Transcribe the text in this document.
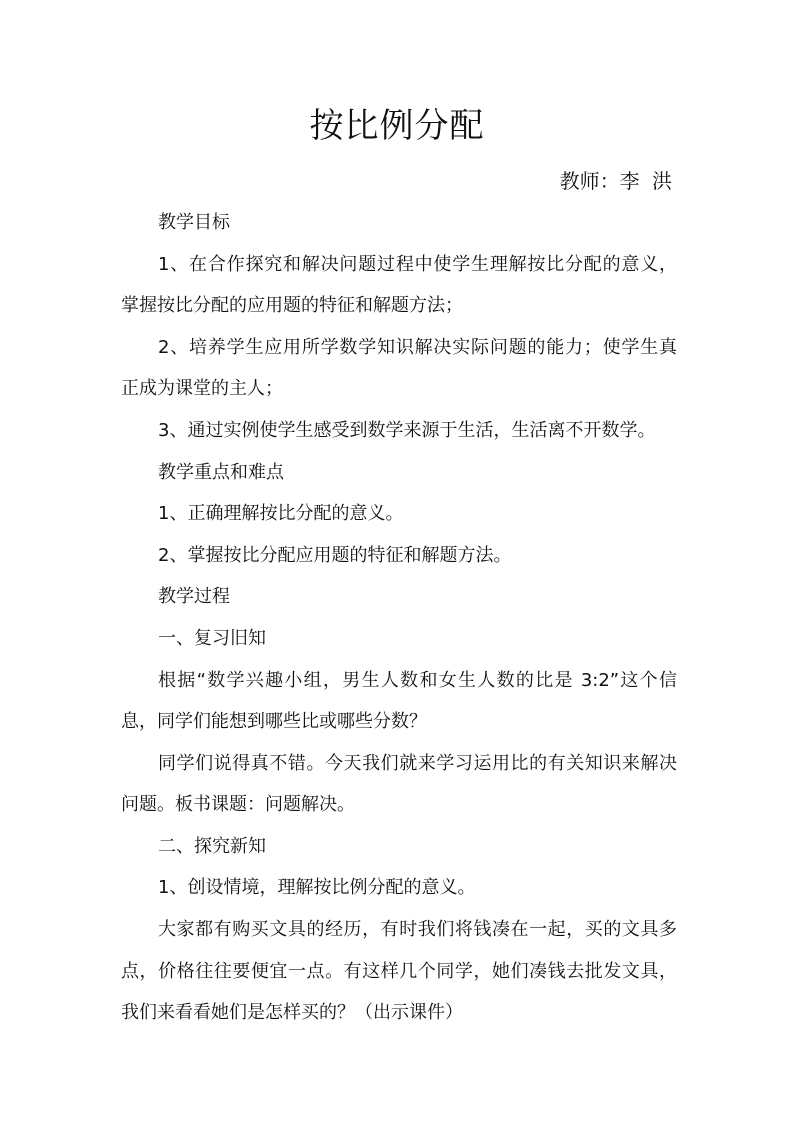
按比例分配
教师：李 洪
教学目标
1、在合作探究和解决问题过程中使学生理解按比分配的意义，
掌握按比分配的应用题的特征和解题方法；
2、培养学生应用所学数学知识解决实际问题的能力；使学生真
正成为课堂的主人；
3、通过实例使学生感受到数学来源于生活，生活离不开数学。
教学重点和难点
1、正确理解按比分配的意义。
2、掌握按比分配应用题的特征和解题方法。
教学过程
一、复习旧知
根据“数学兴趣小组，男生人数和女生人数的比是 3:2”这个信
息，同学们能想到哪些比或哪些分数？
同学们说得真不错。今天我们就来学习运用比的有关知识来解决
问题。板书课题：问题解决。
二、探究新知
1、创设情境，理解按比例分配的意义。
大家都有购买文具的经历，有时我们将钱凑在一起，买的文具多
点，价格往往要便宜一点。有这样几个同学，她们凑钱去批发文具，
我们来看看她们是怎样买的？（出示课件）
